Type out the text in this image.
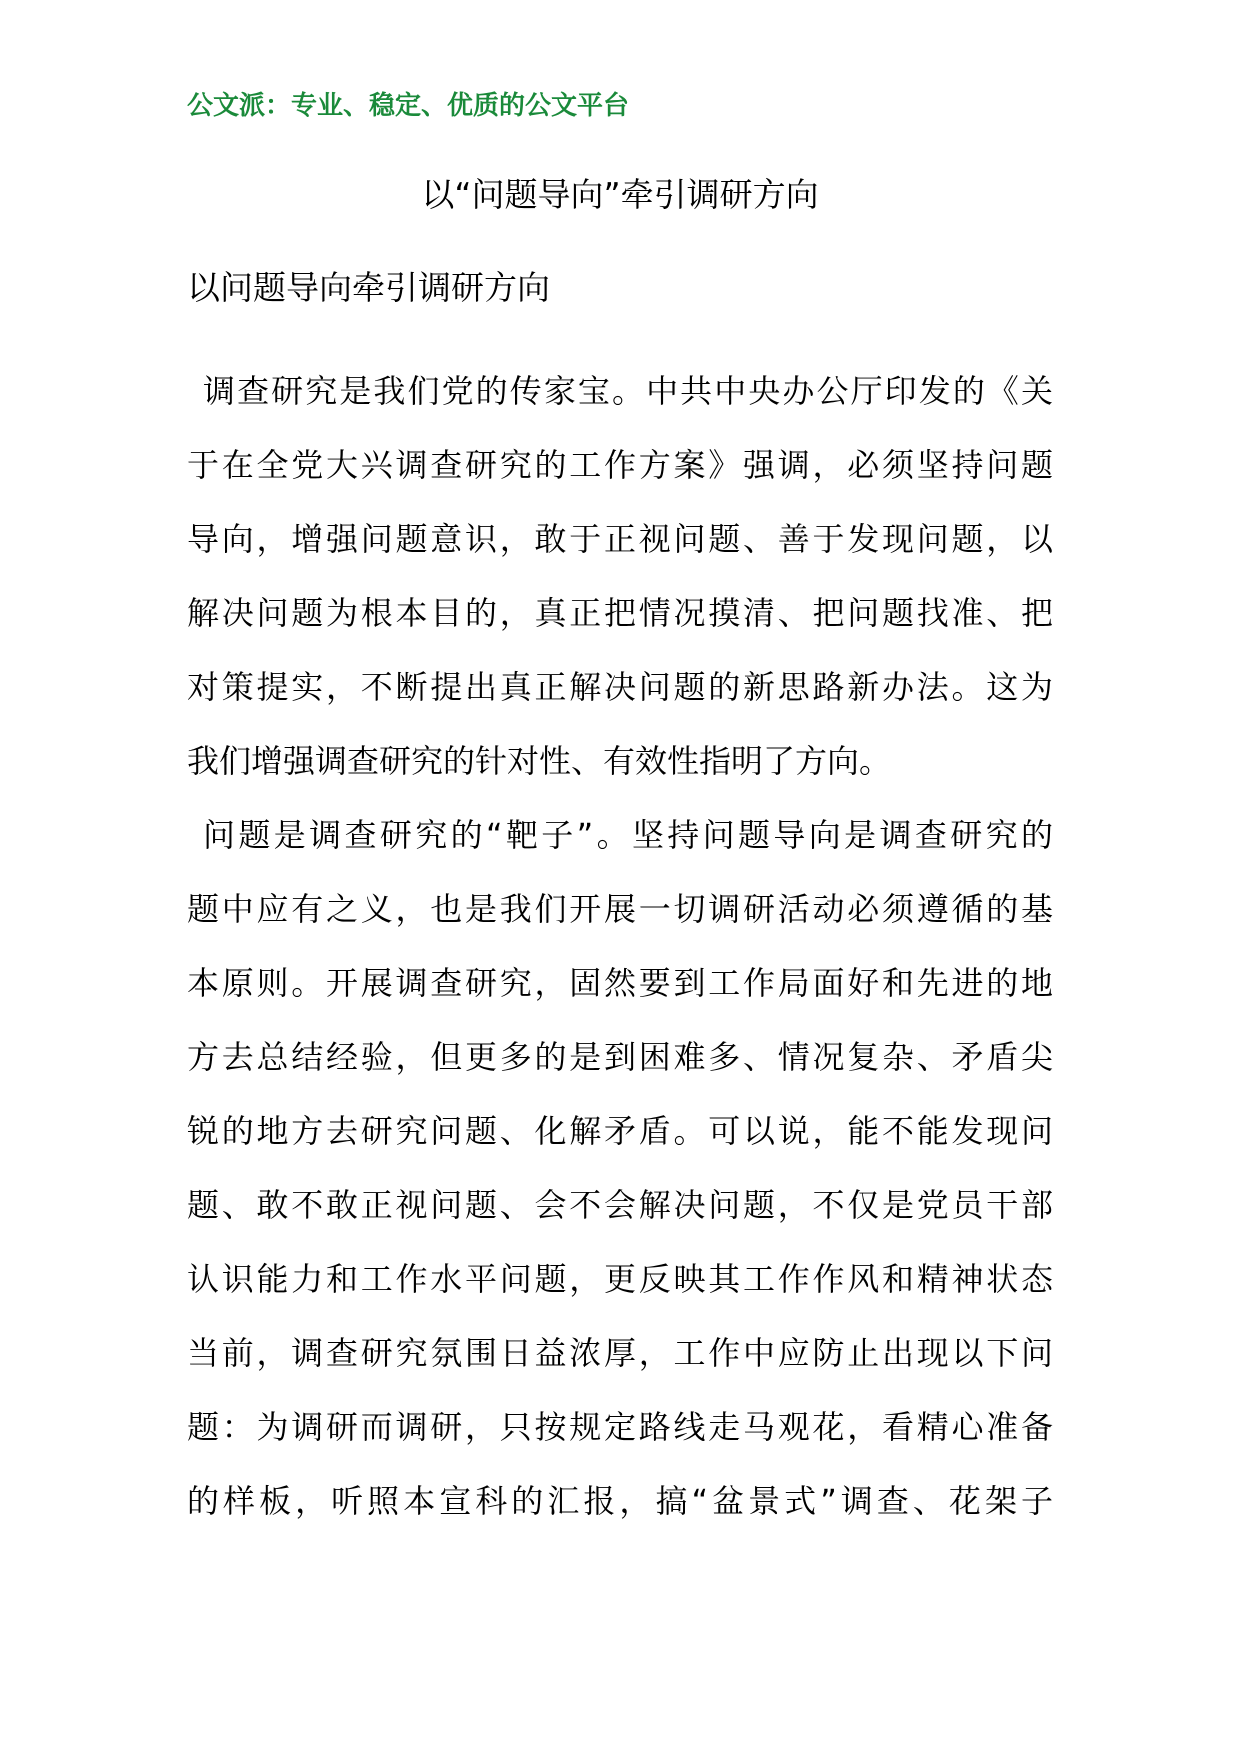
公文派：专业、稳定、优质的公文平台
以“问题导向”牵引调研方向
以问题导向牵引调研方向
调查研究是我们党的传家宝。中共中央办公厅印发的《关
于在全党大兴调查研究的工作方案》强调，必须坚持问题
导向，增强问题意识，敢于正视问题、善于发现问题，以
解决问题为根本目的，真正把情况摸清、把问题找准、把
对策提实，不断提出真正解决问题的新思路新办法。这为
我们增强调查研究的针对性、有效性指明了方向。
问题是调查研究的“靶子”。坚持问题导向是调查研究的
题中应有之义，也是我们开展一切调研活动必须遵循的基
本原则。开展调查研究，固然要到工作局面好和先进的地
方去总结经验，但更多的是到困难多、情况复杂、矛盾尖
锐的地方去研究问题、化解矛盾。可以说，能不能发现问
题、敢不敢正视问题、会不会解决问题，不仅是党员干部
认识能力和工作水平问题，更反映其工作作风和精神状态
当前，调查研究氛围日益浓厚，工作中应防止出现以下问
题：为调研而调研，只按规定路线走马观花，看精心准备
的样板，听照本宣科的汇报，搞“盆景式”调查、花架子
